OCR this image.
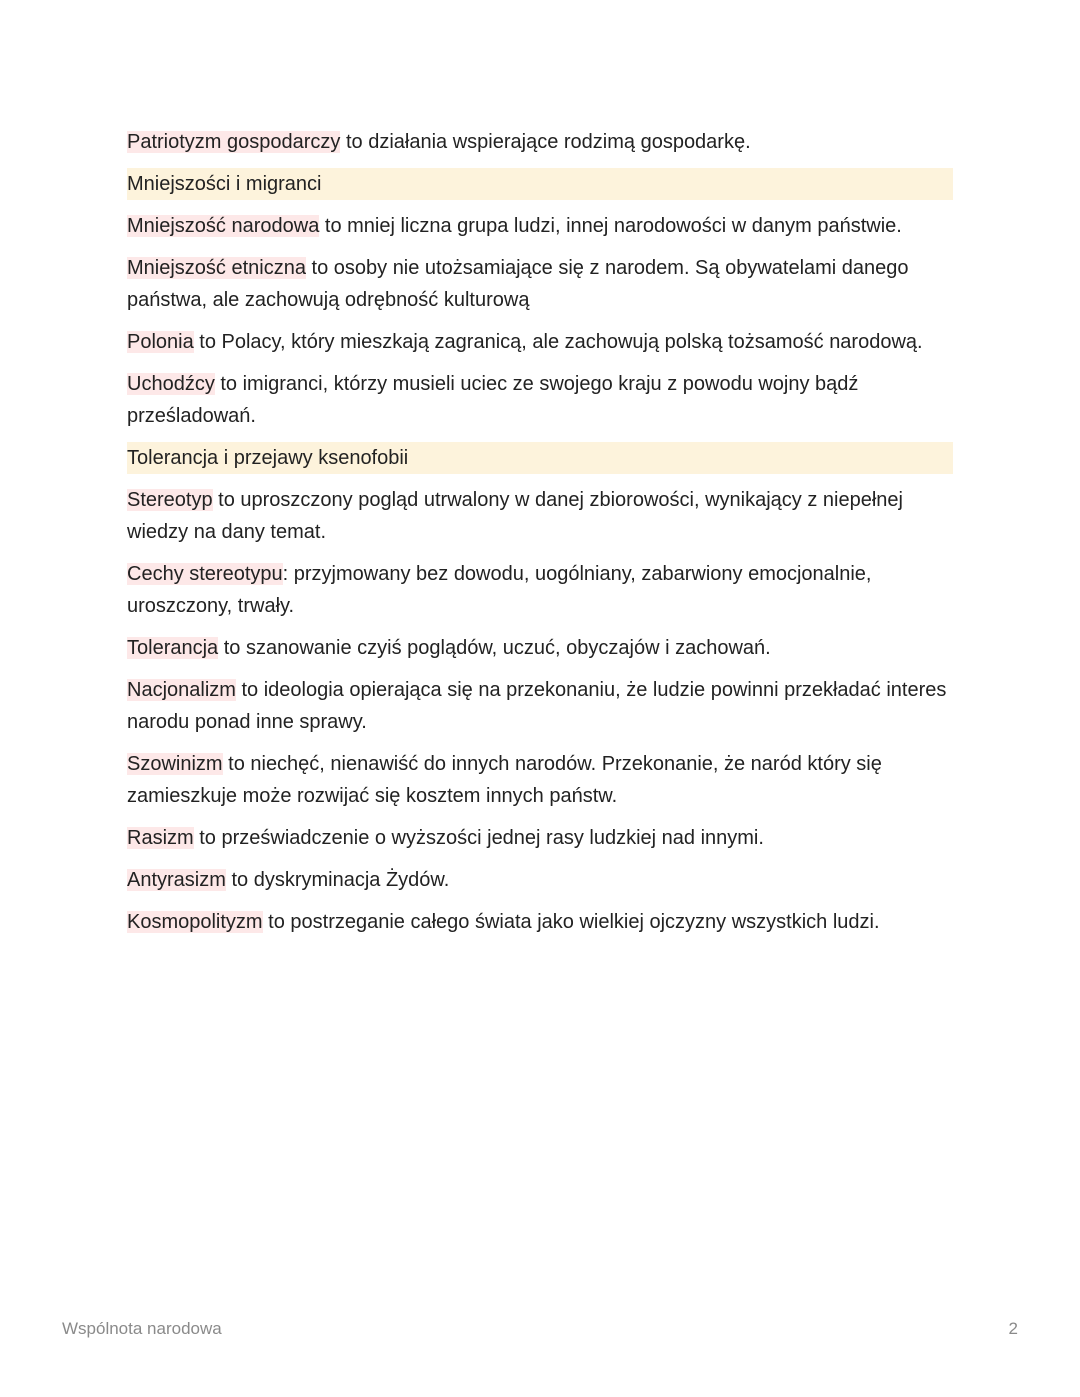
Patriotyzm gospodarczy to działania wspierające rodzimą gospodarkę.
Mniejszości i migranci
Mniejszość narodowa to mniej liczna grupa ludzi, innej narodowości w danym państwie.
Mniejszość etniczna to osoby nie utożsamiające się z narodem. Są obywatelami danego państwa, ale zachowują odrębność kulturową
Polonia to Polacy, który mieszkają zagranicą, ale zachowują polską tożsamość narodową.
Uchodźcy to imigranci, którzy musieli uciec ze swojego kraju z powodu wojny bądź prześladowań.
Tolerancja i przejawy ksenofobii
Stereotyp to uproszczony pogląd utrwalony w danej zbiorowości, wynikający z niepełnej wiedzy na dany temat.
Cechy stereotypu: przyjmowany bez dowodu, uogólniany, zabarwiony emocjonalnie, uroszczony, trwały.
Tolerancja to szanowanie czyiś poglądów, uczuć, obyczajów i zachowań.
Nacjonalizm to ideologia opierająca się na przekonaniu, że ludzie powinni przekładać interes narodu ponad inne sprawy.
Szowinizm to niechęć, nienawiść do innych narodów. Przekonanie, że naród który się zamieszkuje może rozwijać się kosztem innych państw.
Rasizm to przeświadczenie o wyższości jednej rasy ludzkiej nad innymi.
Antyrasizm to dyskryminacja Żydów.
Kosmopolityzm to postrzeganie całego świata jako wielkiej ojczyzny wszystkich ludzi.
Wspólnota narodowa	2
